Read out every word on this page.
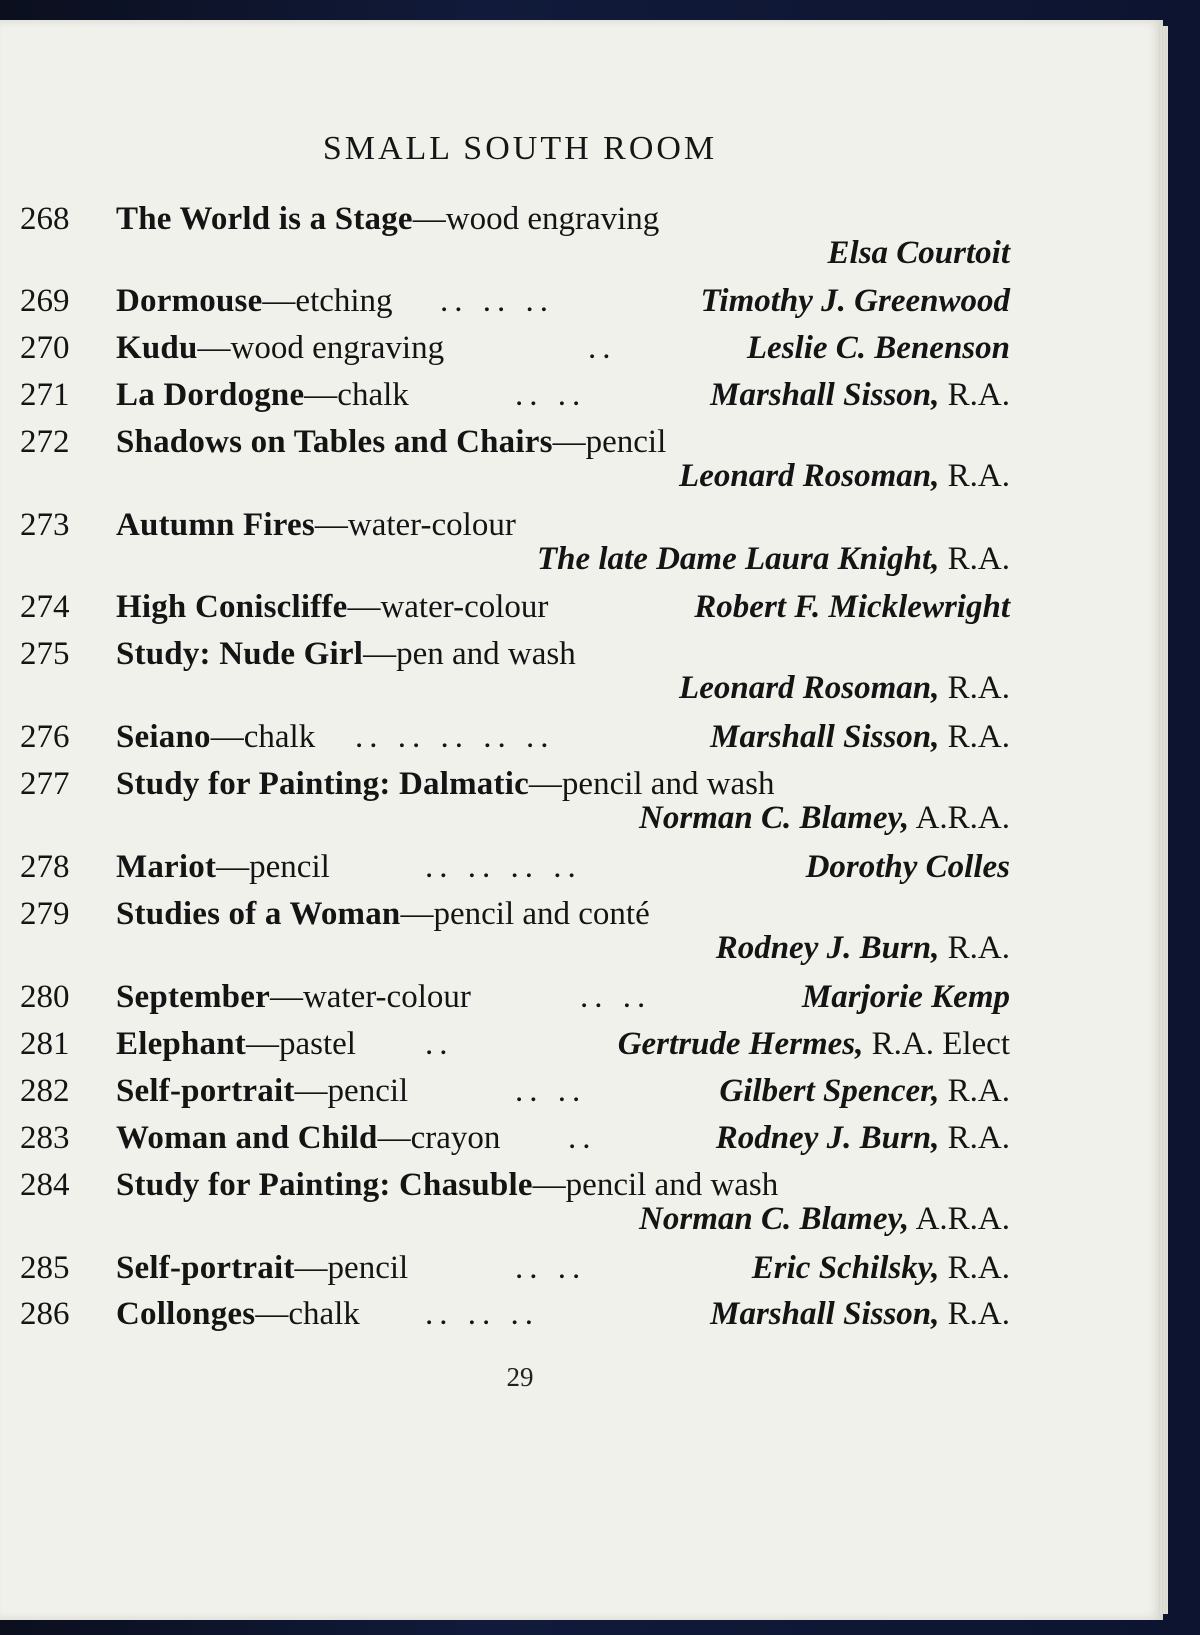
SMALL SOUTH ROOM
268	The World is a Stage—wood engraving
Elsa Courtoit
269	Dormouse—etching .. .. ..	Timothy J. Greenwood
270	Kudu—wood engraving	..	Leslie C. Benenson
271	La Dordogne—chalk	.. ..	Marshall Sisson, R.A.
272	Shadows on Tables and Chairs—pencil
Leonard Rosoman, R.A.
273	Autumn Fires—water-colour
The late Dame Laura Knight, R.A.
274	High Coniscliffe—water-colour	Robert F. Micklewright
275	Study: Nude Girl—pen and wash
Leonard Rosoman, R.A.
276	Seiano—chalk .. .. .. .. ..	Marshall Sisson, R.A.
277	Study for Painting: Dalmatic—pencil and wash
Norman C. Blamey, A.R.A.
278	Mariot—pencil	.. .. .. ..	Dorothy Colles
279	Studies of a Woman—pencil and conté
Rodney J. Burn, R.A.
280	September—water-colour	.. ..	Marjorie Kemp
281	Elephant—pastel ..	Gertrude Hermes, R.A. Elect
282	Self-portrait—pencil	.. ..	Gilbert Spencer, R.A.
283	Woman and Child—crayon ..	Rodney J. Burn, R.A.
284	Study for Painting: Chasuble—pencil and wash
Norman C. Blamey, A.R.A.
285	Self-portrait—pencil	.. ..	Eric Schilsky, R.A.
286	Collonges—chalk .. .. ..	Marshall Sisson, R.A.
29
